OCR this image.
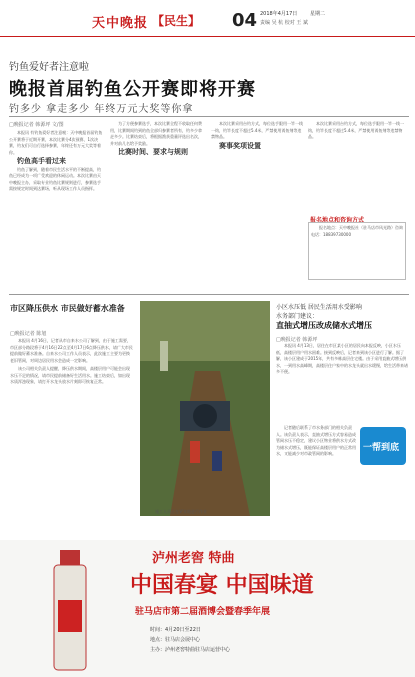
天中晚报 【民生】 04 2018年4月17日	星期二
责编 吴 杭 校对 王 斌
钓鱼爱好者注意啦
晚报首届钓鱼公开赛即将开赛
钓多少 拿走多少 年终万元大奖等你拿
□晚报记者 韩源坪 文/图

本报讯 有钓鱼爱好者注意啦：天中晚报首届钓鱼公开赛将于近期开赛，本次比赛分4次预赛、1次决赛，钓友们可自行选择参赛，年终还有万元大奖等着你。

钓鱼高手看过来

钓鱼了解到，随着市民生活水平的不断提高，钓鱼已经成为一项广受欢迎的休闲运动。本次比赛由天中晚报主办，采取专业钓鱼比赛规则进行，参赛选手需按规定时间到达赛场，听从现场工作人员指挥。

为了方便参赛选手，本次比赛全程不收取任何费用，比赛期间钓到的鱼全部归参赛者所有，钓多少拿走多少。比赛结束后，将根据渔获重量评选出名次，并对前几名给予奖励。

比赛时间、要求与规则

本次比赛采用台钓方式，每位选手限用一竿一线一钩，钓竿长度不超过5.4米，严禁使用诱鱼剂等违禁物品。

赛事奖项设置

本次比赛采用台钓方式，每位选手限用一竿一线一钩，钓竿长度不超过5.4米，严禁使用诱鱼剂等违禁物品。

报名地点和咨询方式

报名地点：天中晚报社（驻马店市风光路）咨询电话：18839730000

市区降压供水 市民做好蓄水准备
□晚报记者 陈旭

本报讯 4月16日，记者从市自来水公司了解到，由于施工需要，市区部分路段将于4月16日22点至4月17日6点降压供水，请广大市民提前做好蓄水准备。自来水公司工作人员表示，此次施工主要为更换老旧管网，对周边居民用水会造成一定影响。

该公司相关负责人提醒，降压供水期间，高楼层用户可能会出现水压不足的情况，请市民提前储备好生活用水。施工结束后，如出现水质浑浊现象，请打开水龙头放水片刻即可恢复正常。

施工人员正在紧张地进行作业
小区水压低 居民生活用水受影响
水务部门建议：
直抽式增压改成储水式增压
□晚报记者 韩源坪

本报讯 4月13日，居住在市区某小区的居民向本报反映，小区水压低，高楼层用户用水困难。接到反映后，记者来到该小区进行了解。据了解，该小区建成于2015年，共有多栋高层住宅楼。由于采用直抽式增压供水，一到用水高峰期，高楼层住户家中的水龙头就出水缓慢，给生活带来诸多不便。

记者随后联系了市水务部门的相关负责人。该负责人表示，直抽式增压方式容易造成管网水压不稳定，建议小区物业将供水方式改为储水式增压，既能保证高楼层用户的正常用水，又能减少对市政管网的影响。

一帮到底
泸州老窖 特曲
中国春宴 中国味道
驻马店市第二届酒博会暨春季年展
时间：4月20日至22日
地点：驻马店会展中心
主办：泸州老窖特曲驻马店运营中心
